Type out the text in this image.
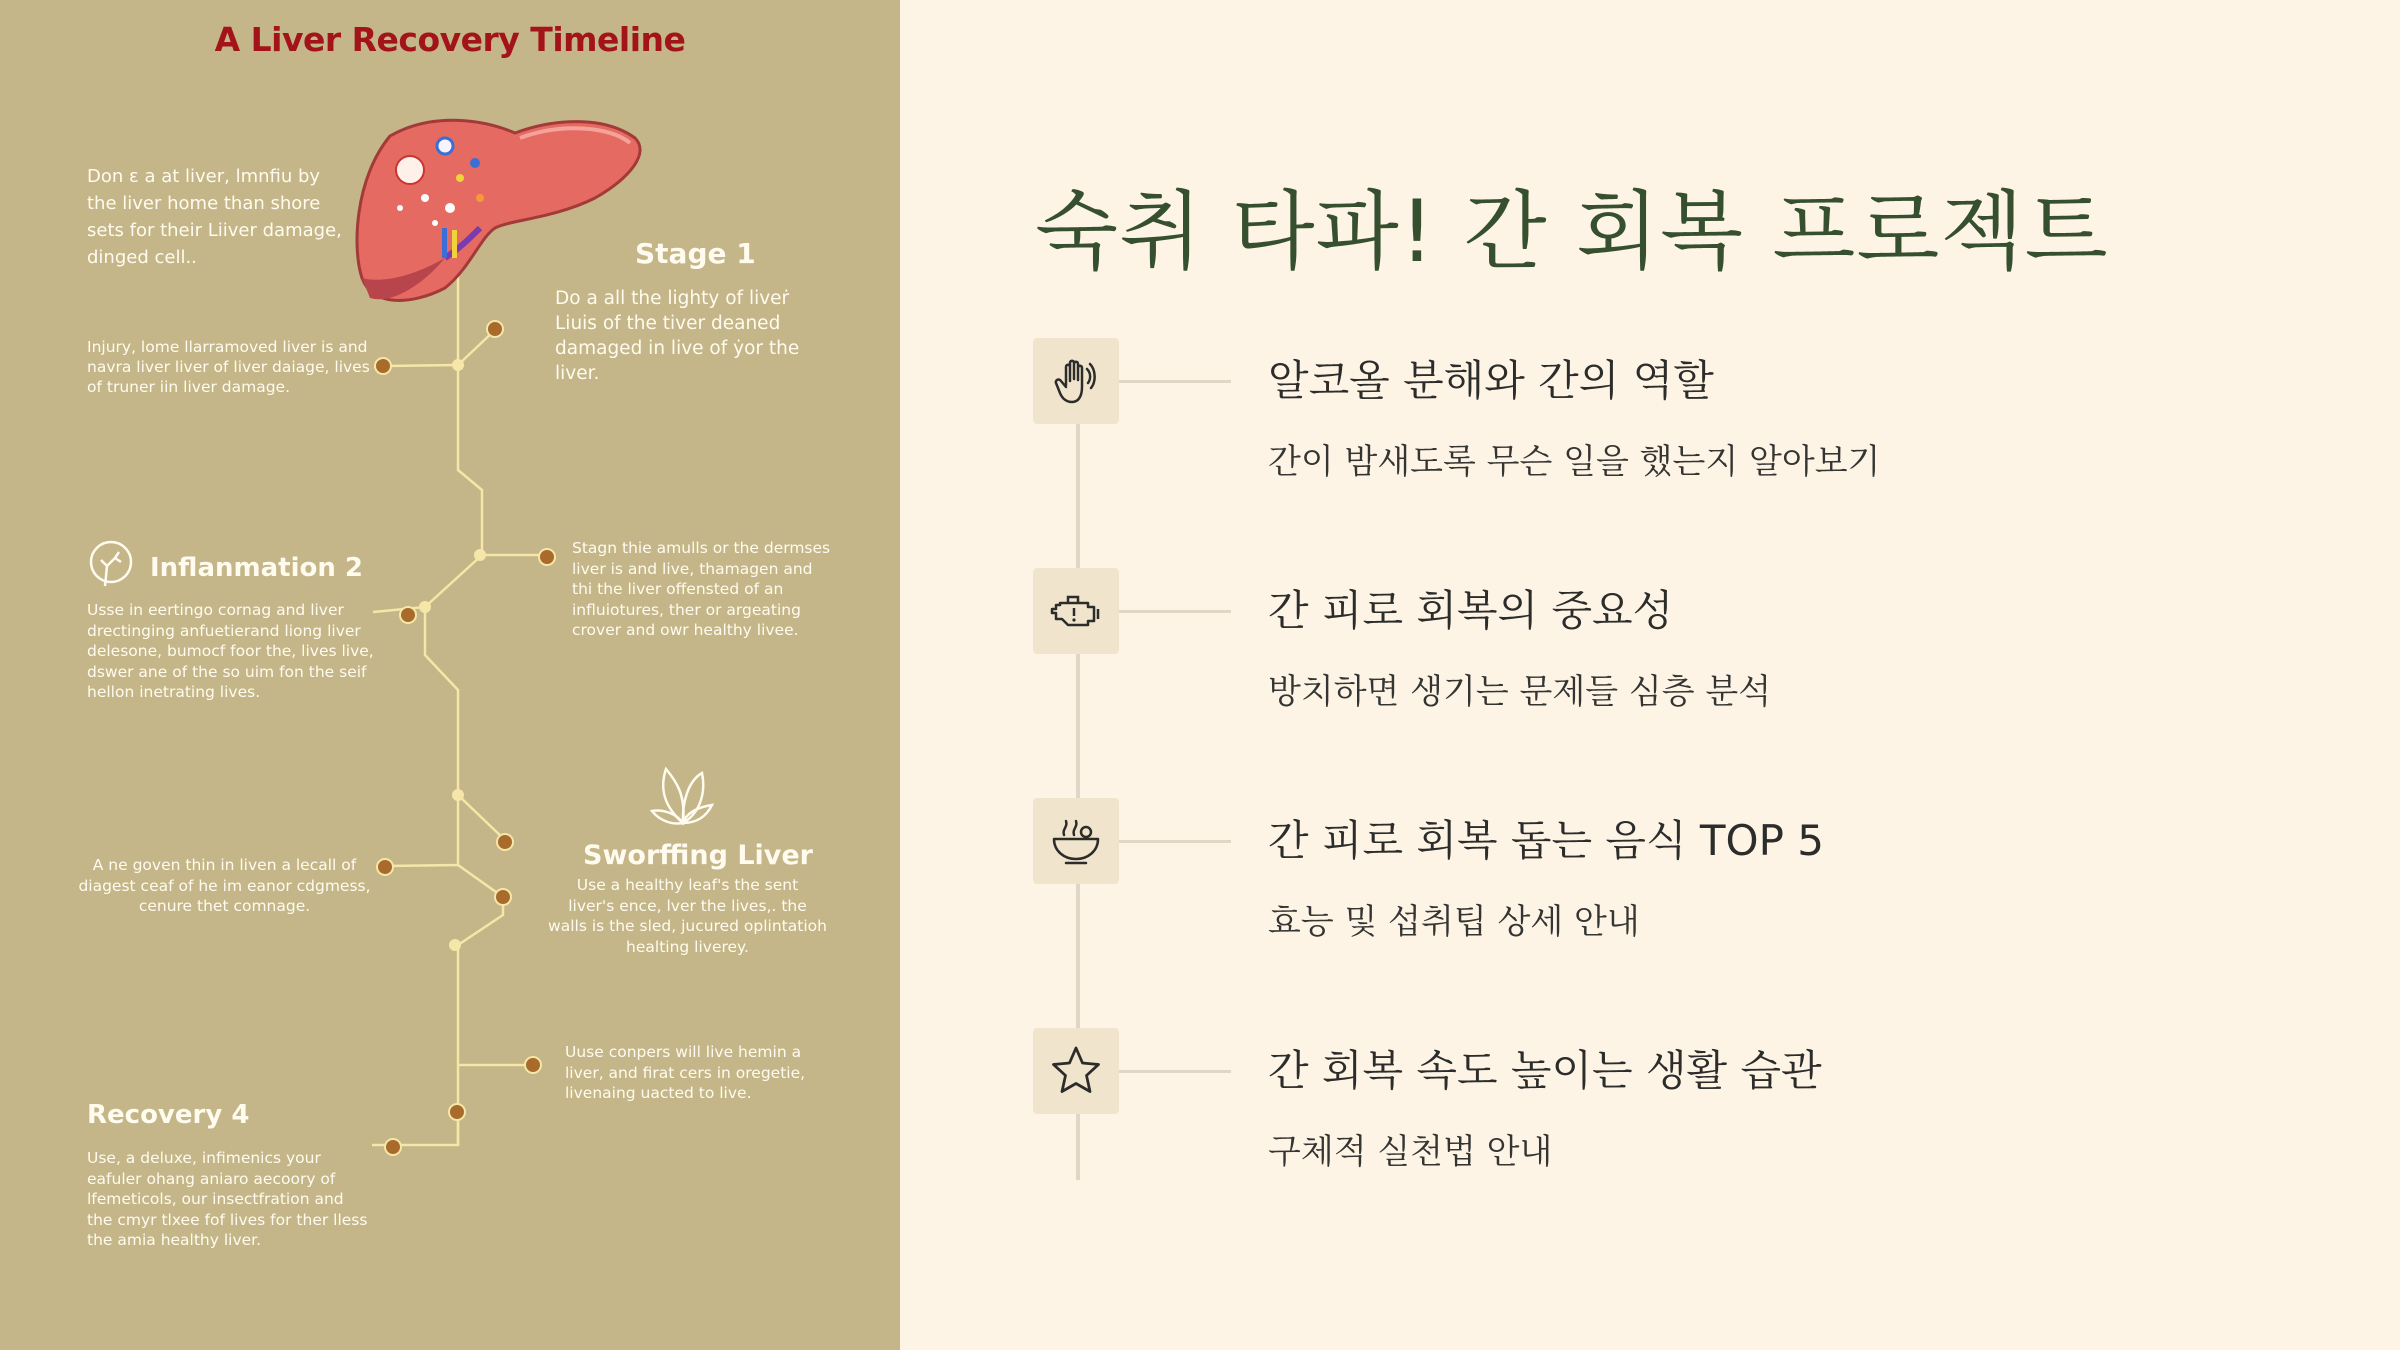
A Liver Recovery Timeline
Don ε a at liver, lmnfiu by
the liver home than shore
sets for their Liiver damage,
dinged cell..	Stage 1
Do a all the lighty of liveṙ
Liuis of the tiver deaned
damaged in live of ẏor the
liver.
Injury, lome llarramoved liver is and
navra liver liver of liver daiage, lives
of truner iin liver damage.
Inflanmation 2
Usse in eertingo cornag and liver
drectinging anfuetierand liong liver
delesone, bumocf foor the, lives live,
dswer ane of the so uim fon the seif
hellon inetrating lives.
Stagn thie amulls or the dermses
liver is and live, thamagen and
thi the liver offensted of an
influiotures, ther or argeating
crover and owr healthy livee.
Sworffing Liver
Use a healthy leaf's the sent
liver's ence, lver the lives,. the
walls is the sled, jucured oplintatioh
healting liverey.
A ne goven thin in liven a lecall of
diagest ceaf of he im eanor cdgmess,
cenure thet comnage.
Uuse conpers will live hemin a
liver, and firat cers in oregetie,
livenaing uacted to live.
Recovery 4
Use, a deluxe, infimenics your
eafuler ohang aniaro aecoory of
lfemeticols, our insectfration and
the cmyr tlxee fof lives for ther lless
the amia healthy liver.
숙취 타파! 간 회복 프로젝트
알코올 분해와 간의 역할
간이 밤새도록 무슨 일을 했는지 알아보기
간 피로 회복의 중요성
방치하면 생기는 문제들 심층 분석
간 피로 회복 돕는 음식 TOP 5
효능 및 섭취팁 상세 안내
간 회복 속도 높이는 생활 습관
구체적 실천법 안내
